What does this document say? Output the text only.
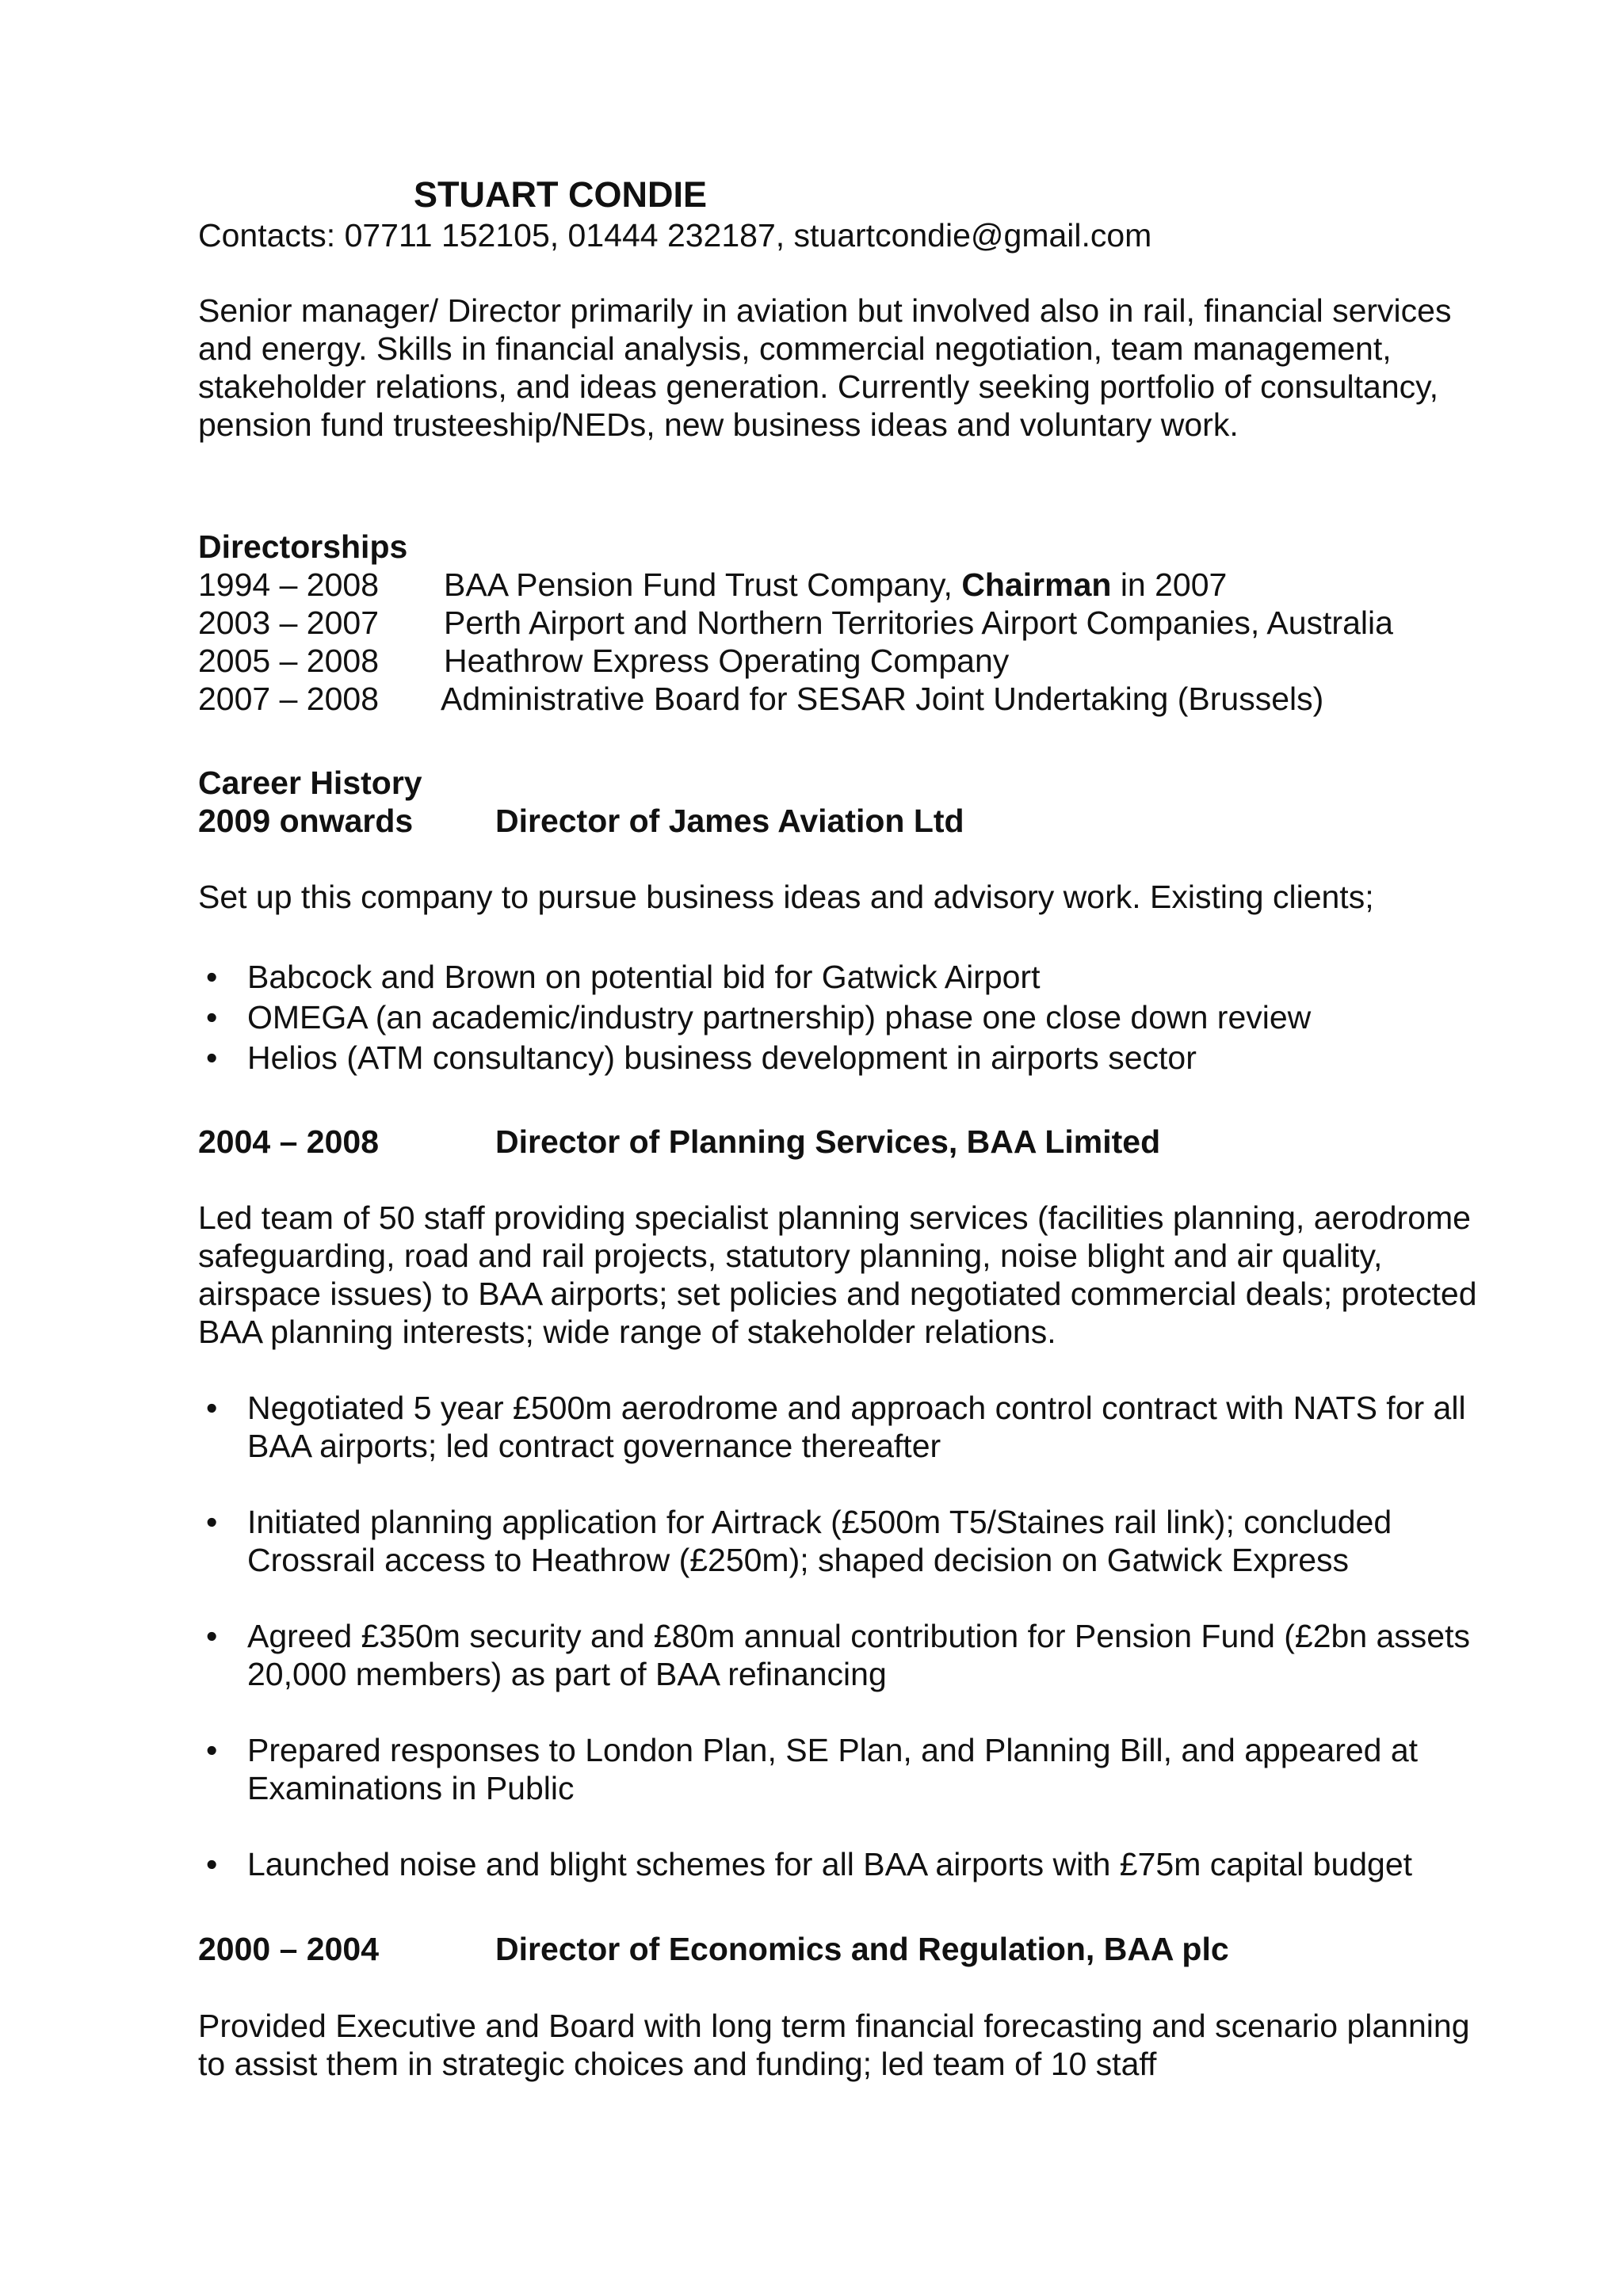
STUART CONDIE
Contacts: 07711 152105, 01444 232187, stuartcondie@gmail.com

Senior manager/ Director primarily in aviation but involved also in rail, financial services and energy. Skills in financial analysis, commercial negotiation, team management, stakeholder relations, and ideas generation. Currently seeking portfolio of consultancy, pension fund trusteeship/NEDs, new business ideas and voluntary work.

Directorships
1994 – 2008	BAA Pension Fund Trust Company, Chairman in 2007
2003 – 2007	Perth Airport and Northern Territories Airport Companies, Australia
2005 – 2008	Heathrow Express Operating Company
2007 – 2008	Administrative Board for SESAR Joint Undertaking (Brussels)
Career History
2009 onwards	Director of James Aviation Ltd

Set up this company to pursue business ideas and advisory work. Existing clients;

• Babcock and Brown on potential bid for Gatwick Airport
• OMEGA (an academic/industry partnership) phase one close down review
• Helios (ATM consultancy) business development in airports sector
2004 – 2008	Director of Planning Services, BAA Limited

Led team of 50 staff providing specialist planning services (facilities planning, aerodrome safeguarding, road and rail projects, statutory planning, noise blight and air quality, airspace issues) to BAA airports; set policies and negotiated commercial deals; protected BAA planning interests; wide range of stakeholder relations.

• Negotiated 5 year £500m aerodrome and approach control contract with NATS for all BAA airports; led contract governance thereafter
• Initiated planning application for Airtrack (£500m T5/Staines rail link); concluded Crossrail access to Heathrow (£250m); shaped decision on Gatwick Express
• Agreed £350m security and £80m annual contribution for Pension Fund (£2bn assets 20,000 members) as part of BAA refinancing
• Prepared responses to London Plan, SE Plan, and Planning Bill, and appeared at Examinations in Public
• Launched noise and blight schemes for all BAA airports with £75m capital budget
2000 – 2004	Director of Economics and Regulation, BAA plc

Provided Executive and Board with long term financial forecasting and scenario planning to assist them in strategic choices and funding; led team of 10 staff
